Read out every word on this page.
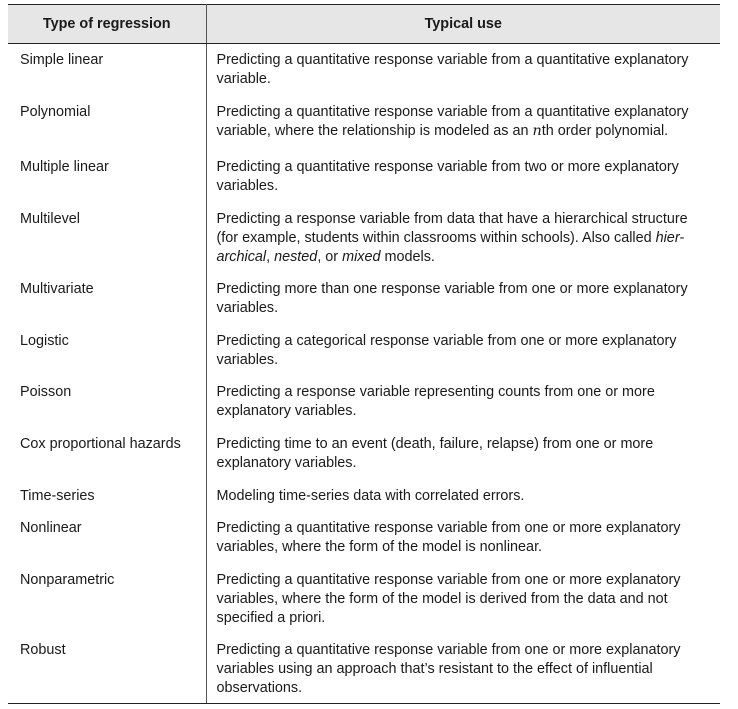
Type of regression	Typical use
Simple linear	Predicting a quantitative response variable from a quantitative explanatory variable.
Polynomial	Predicting a quantitative response variable from a quantitative explanatory variable, where the relationship is modeled as an nth order polynomial.
Multiple linear	Predicting a quantitative response variable from two or more explanatory variables.
Multilevel	Predicting a response variable from data that have a hierarchical structure (for example, students within classrooms within schools). Also called hier-archical, nested, or mixed models.
Multivariate	Predicting more than one response variable from one or more explanatory variables.
Logistic	Predicting a categorical response variable from one or more explanatory variables.
Poisson	Predicting a response variable representing counts from one or more explanatory variables.
Cox proportional hazards	Predicting time to an event (death, failure, relapse) from one or more explanatory variables.
Time-series	Modeling time-series data with correlated errors.
Nonlinear	Predicting a quantitative response variable from one or more explanatory variables, where the form of the model is nonlinear.
Nonparametric	Predicting a quantitative response variable from one or more explanatory variables, where the form of the model is derived from the data and not specified a priori.
Robust	Predicting a quantitative response variable from one or more explanatory variables using an approach that’s resistant to the effect of influential observations.
